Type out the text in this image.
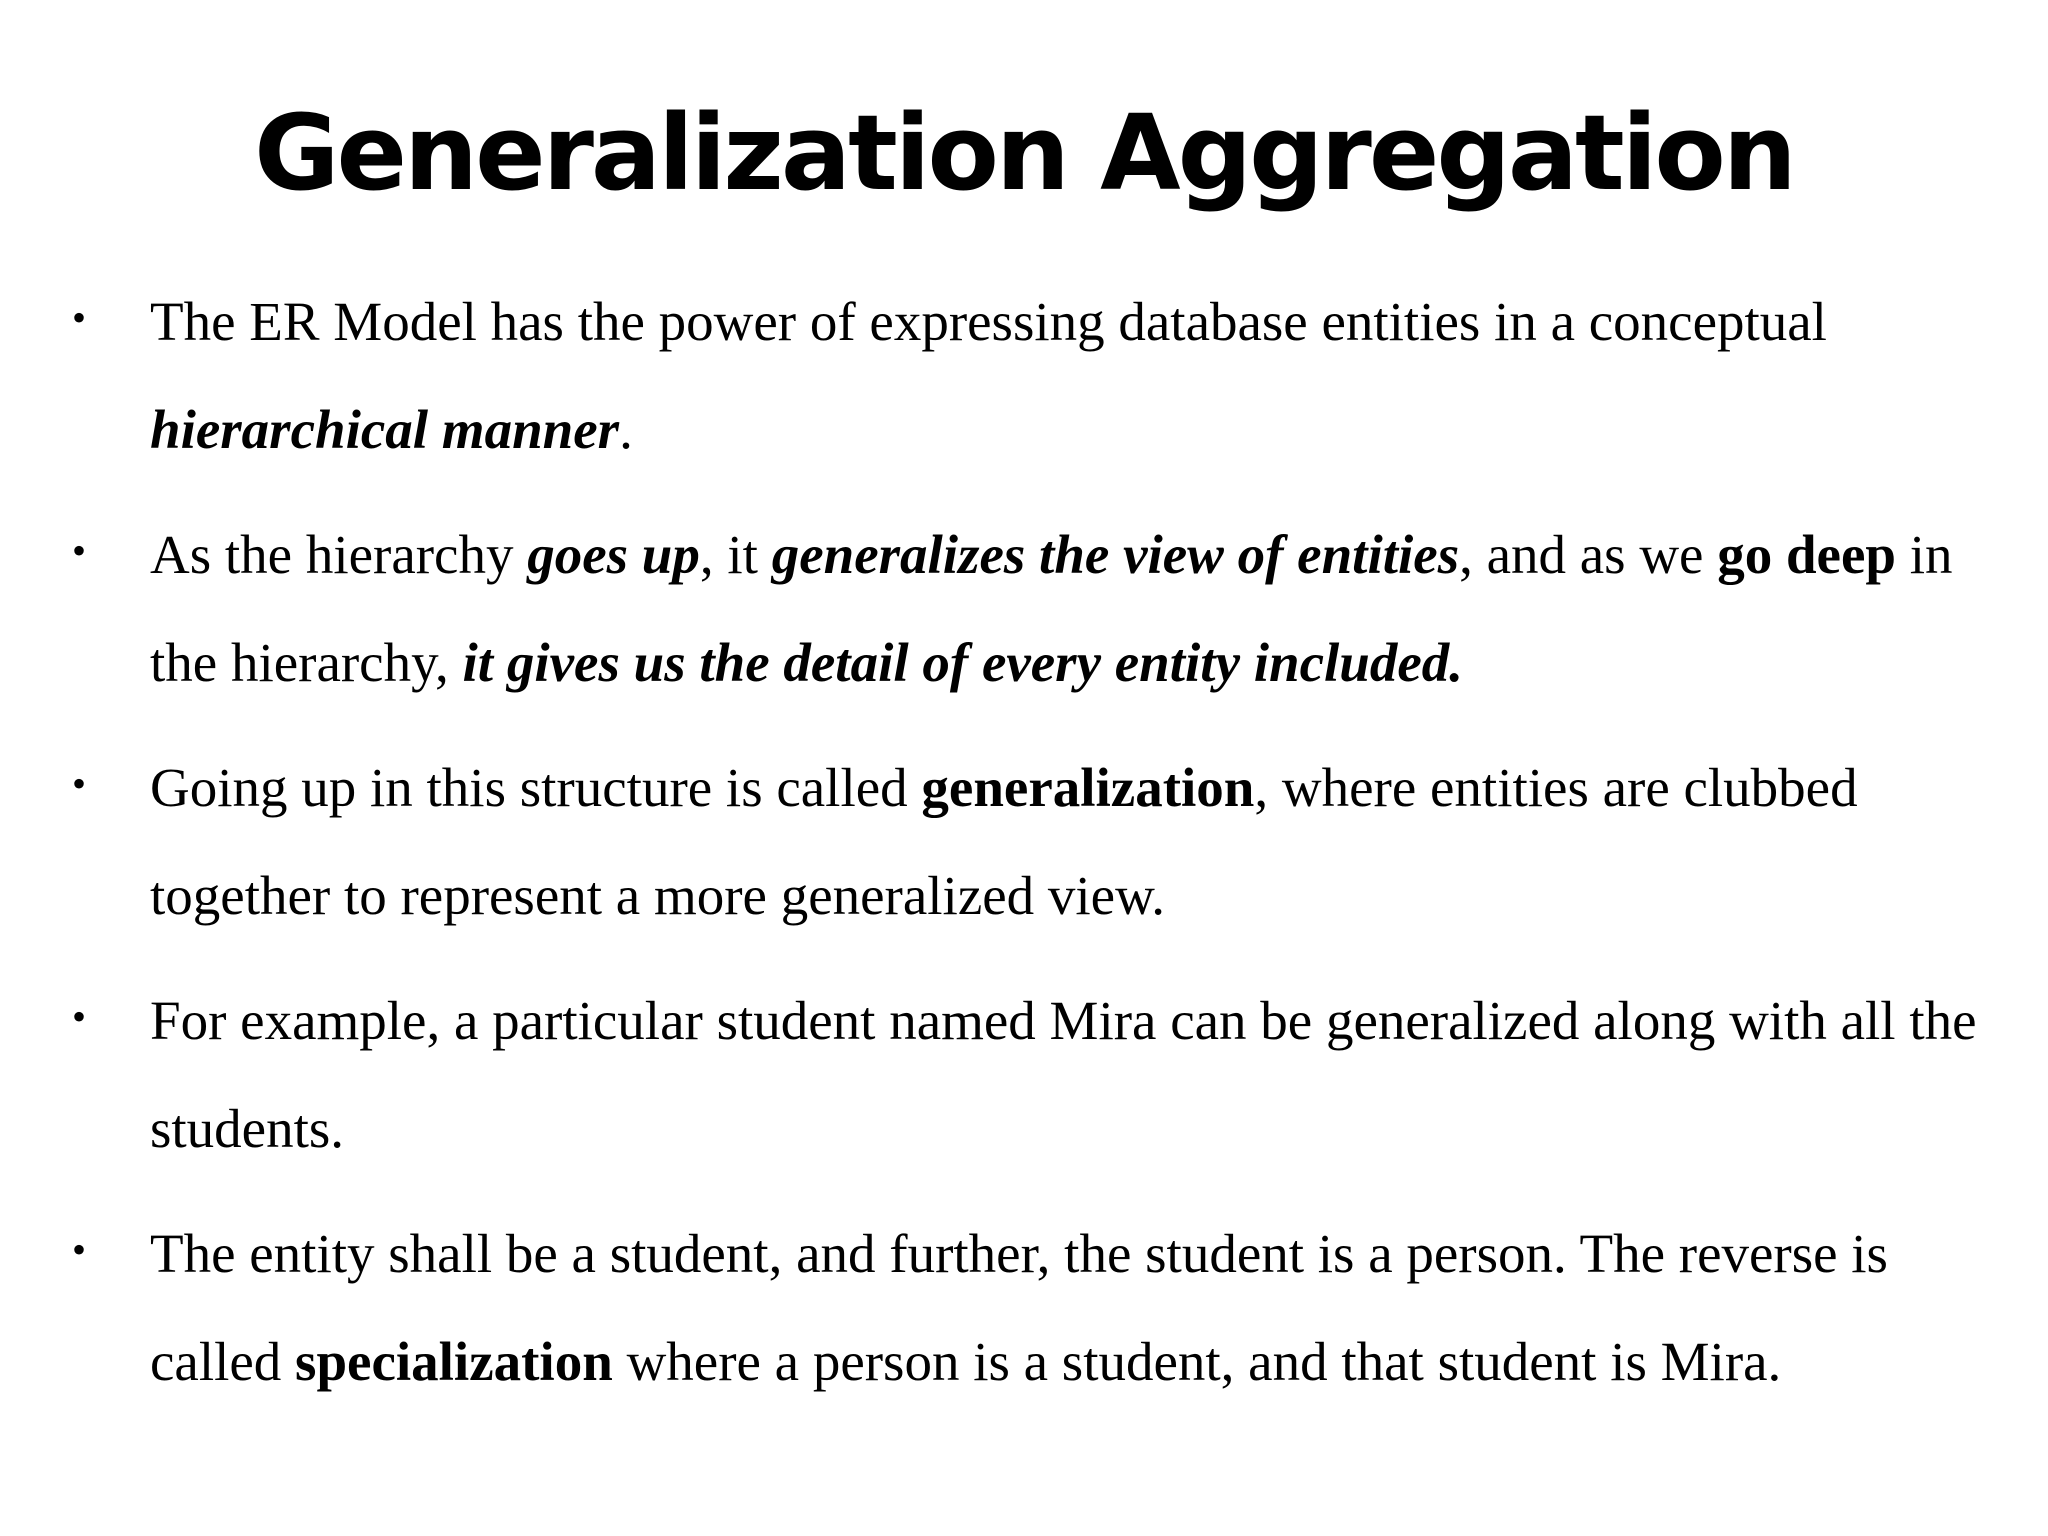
Generalization Aggregation
• The ER Model has the power of expressing database entities in a conceptual hierarchical manner.
• As the hierarchy goes up, it generalizes the view of entities, and as we go deep in the hierarchy, it gives us the detail of every entity included.
• Going up in this structure is called generalization, where entities are clubbed together to represent a more generalized view.
• For example, a particular student named Mira can be generalized along with all the students.
• The entity shall be a student, and further, the student is a person. The reverse is called specialization where a person is a student, and that student is Mira.
